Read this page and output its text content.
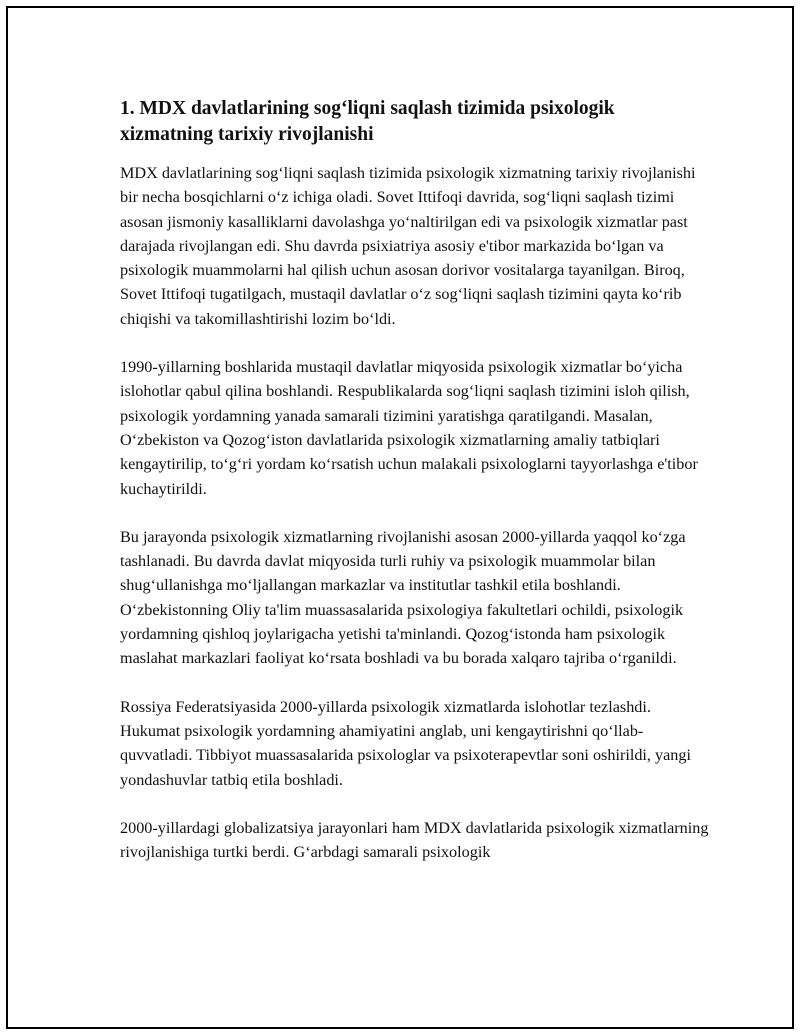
1. MDX davlatlarining sog‘liqni saqlash tizimida psixologik xizmatning tarixiy rivojlanishi

MDX davlatlarining sog‘liqni saqlash tizimida psixologik xizmatning tarixiy rivojlanishi bir necha bosqichlarni o‘z ichiga oladi. Sovet Ittifoqi davrida, sog‘liqni saqlash tizimi asosan jismoniy kasalliklarni davolashga yo‘naltirilgan edi va psixologik xizmatlar past darajada rivojlangan edi. Shu davrda psixiatriya asosiy e'tibor markazida bo‘lgan va psixologik muammolarni hal qilish uchun asosan dorivor vositalarga tayanilgan. Biroq, Sovet Ittifoqi tugatilgach, mustaqil davlatlar o‘z sog‘liqni saqlash tizimini qayta ko‘rib chiqishi va takomillashtirishi lozim bo‘ldi.

1990-yillarning boshlarida mustaqil davlatlar miqyosida psixologik xizmatlar bo‘yicha islohotlar qabul qilina boshlandi. Respublikalarda sog‘liqni saqlash tizimini isloh qilish, psixologik yordamning yanada samarali tizimini yaratishga qaratilgandi. Masalan, O‘zbekiston va Qozog‘iston davlatlarida psixologik xizmatlarning amaliy tatbiqlari kengaytirilip, to‘g‘ri yordam ko‘rsatish uchun malakali psixologlarni tayyorlashga e'tibor kuchaytirildi.

Bu jarayonda psixologik xizmatlarning rivojlanishi asosan 2000-yillarda yaqqol ko‘zga tashlanadi. Bu davrda davlat miqyosida turli ruhiy va psixologik muammolar bilan shug‘ullanishga mo‘ljallangan markazlar va institutlar tashkil etila boshlandi. O‘zbekistonning Oliy ta'lim muassasalarida psixologiya fakultetlari ochildi, psixologik yordamning qishloq joylarigacha yetishi ta'minlandi. Qozog‘istonda ham psixologik maslahat markazlari faoliyat ko‘rsata boshladi va bu borada xalqaro tajriba o‘rganildi.

Rossiya Federatsiyasida 2000-yillarda psixologik xizmatlarda islohotlar tezlashdi. Hukumat psixologik yordamning ahamiyatini anglab, uni kengaytirishni qo‘llab-quvvatladi. Tibbiyot muassasalarida psixologlar va psixoterapevtlar soni oshirildi, yangi yondashuvlar tatbiq etila boshladi.

2000-yillardagi globalizatsiya jarayonlari ham MDX davlatlarida psixologik xizmatlarning rivojlanishiga turtki berdi. G‘arbdagi samarali psixologik
